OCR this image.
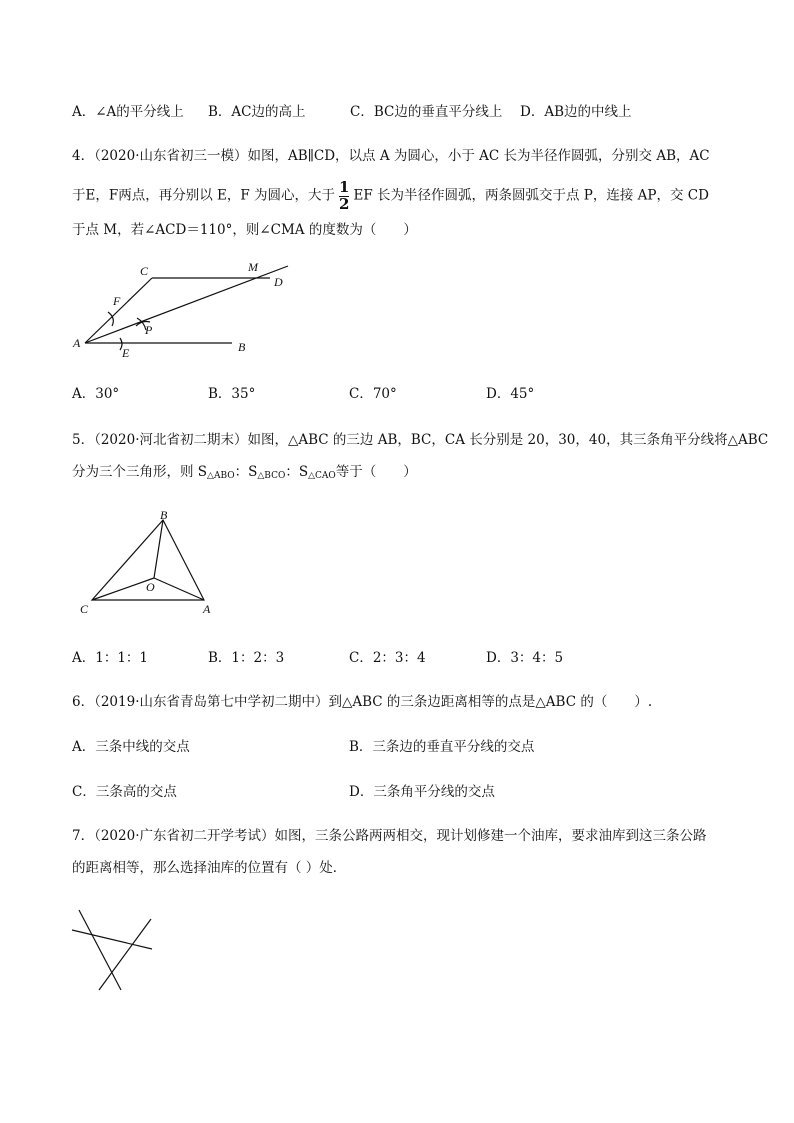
A．∠A的平分线上 B．AC边的高上	C．BC边的垂直平分线上 D．AB边的中线上
4．（2020·山东省初三一模）如图，AB∥CD，以点 A 为圆心，小于 AC 长为半径作圆弧，分别交 AB，AC
于E，F两点，再分别以 E，F 为圆心，大于 $\frac{1}{2}$ EF 长为半径作圆弧，两条圆弧交于点 P，连接 AP，交 CD
于点 M，若∠ACD＝110°，则∠CMA 的度数为（　　）
C	M
D
F
P
A
E	B
A．30°	B．35°	C．70°	D．45°
5．（2020·河北省初二期末）如图，△ABC 的三边 AB，BC，CA 长分别是 20，30，40，其三条角平分线将△ABC
分为三个三角形，则 $S_{\triangle ABO}$：$S_{\triangle BCO}$：$S_{\triangle CAO}$等于（　　）
B
O
C	A
A．1：1：1	B．1：2：3	C．2：3：4	D．3：4：5
6．（2019·山东省青岛第七中学初二期中）到△ABC 的三条边距离相等的点是△ABC 的（　　）.
A．三条中线的交点	B．三条边的垂直平分线的交点
C．三条高的交点	D．三条角平分线的交点
7．（2020·广东省初二开学考试）如图，三条公路两两相交，现计划修建一个油库，要求油库到这三条公路
的距离相等，那么选择油库的位置有（ ）处．
